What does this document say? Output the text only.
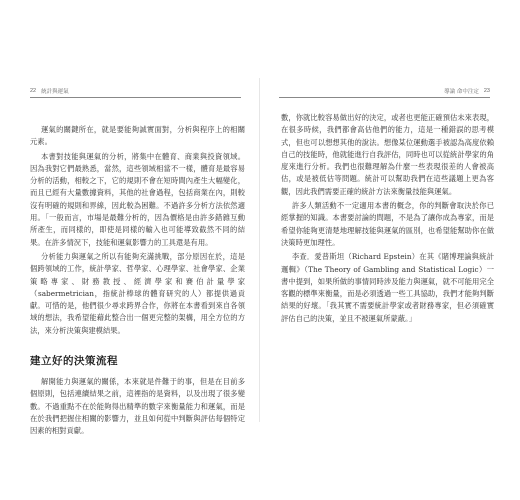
22 統計與運氣

運氣的關鍵所在，就是要能夠誠實面對，分析與程序上的相關元素。

本書對技能與運氣的分析，將集中在體育、商業與投資領域。因為我對它們最熟悉，當然，這些領域相當不一樣，體育是最容易分析的活動，相較之下，它的規則不會在短時間內產生大幅變化，而且已經有大量數據資料，其他的社會過程，包括商業在內，則較沒有明確的規則和界線，因此較為困難。不過許多分析方法依然適用。「一般而言，市場是最難分析的，因為價格是由許多錯雜互動所產生，而同樣的，即使是同樣的輸入也可能導致截然不同的結果。在許多情況下，技能和運氣影響力的工具還是有用。

分析能力與運氣之所以有能夠充滿挑戰，部分原因在於，這是個跨領域的工作，統計學家、哲學家、心理學家、社會學家、企業策略專家、財務教授、經濟學家和賽伯計量學家（sabermetrician，指統計棒球的體育研究的人）都提供過貢獻。可惜的是，他們很少尋求跨界合作，你將在本書看到來自各領域的想法，我希望能藉此整合出一個更完整的架構，用全方位的方法，來分析決策與建模結果。

建立好的決策流程

解開能力與運氣的關係，本來就是件難于的事，但是在目前多個原則，包括連續結果之前，這裡指的是資料，以及出現了很多變數。不過重點不在於能夠得出精準的數字來衡量能力和運氣，而是在於我們把握住相關的影響力，並且如何從中判斷與評估每個特定因素的相對貢獻。

導論 命中注定 23

數，你就比較容易做出好的決定，或者也更能正確預估未來表現，在很多時候，我們都會高估他們的能力，這是一種錯誤的思考模式，但也可以想想其他的說法。想像某位運動選手被認為高度依賴自己的技能時，他就能進行自我評估，同時也可以從統計學家的角度來進行分析。我們也很難理解為什麼一些表現很差的人會被高估，或是被低估等問題。統計可以幫助我們在這些議題上更為客觀，因此我們需要正確的統計方法來衡量技能與運氣。

許多人類活動不一定適用本書的概念，你的判斷會取決於你已經掌握的知識。本書要討論的問題，不是為了讓你成為專家，而是希望你能夠更清楚地理解技能與運氣的區別，也希望能幫助你在做決策時更加理性。

李查．愛普斯坦（Richard Epstein）在其《賭博理論與統計邏輯》（The Theory of Gambling and Statistical Logic）一書中提到，如果所做的事情同時涉及能力與運氣，就不可能用完全客觀的標準來衡量，而是必須透過一些工具協助，我們才能夠判斷結果的好壞。「我其實不需要統計學家或者財務專家，但必須確實評估自己的決策，並且不被運氣所蒙蔽。」
